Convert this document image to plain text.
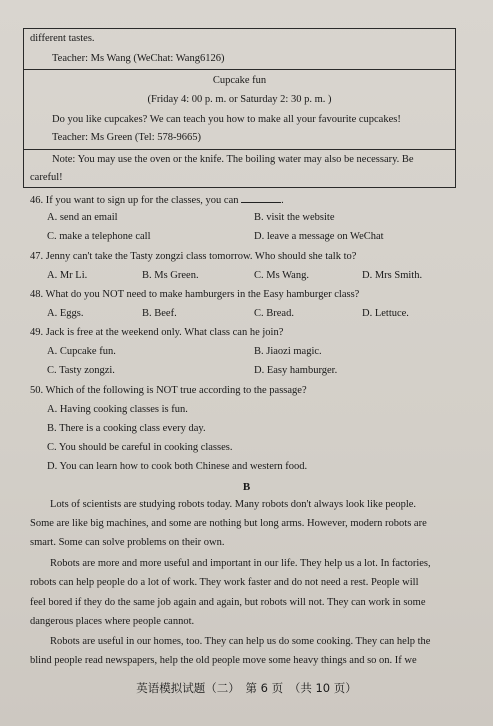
different tastes.
Teacher: Ms Wang (WeChat: Wang6126)
Cupcake fun
(Friday 4: 00 p. m. or Saturday 2: 30 p. m. )
Do you like cupcakes? We can teach you how to make all your favourite cupcakes!
Teacher: Ms Green (Tel: 578-9665)
Note: You may use the oven or the knife. The boiling water may also be necessary. Be
careful!
46. If you want to sign up for the classes, you can	.
A. send an email	B. visit the website
C. make a telephone call	D. leave a message on WeChat
47. Jenny can't take the Tasty zongzi class tomorrow. Who should she talk to?
A. Mr Li.	B. Ms Green.	C. Ms Wang.	D. Mrs Smith.
48. What do you NOT need to make hamburgers in the Easy hamburger class?
A. Eggs.	B. Beef.	C. Bread.	D. Lettuce.
49. Jack is free at the weekend only. What class can he join?
A. Cupcake fun.	B. Jiaozi magic.
C. Tasty zongzi.	D. Easy hamburger.
50. Which of the following is NOT true according to the passage?
A. Having cooking classes is fun.
B. There is a cooking class every day.
C. You should be careful in cooking classes.
D. You can learn how to cook both Chinese and western food.
B
Lots of scientists are studying robots today. Many robots don't always look like people.
Some are like big machines, and some are nothing but long arms. However, modern robots are
smart. Some can solve problems on their own.
Robots are more and more useful and important in our life. They help us a lot. In factories,
robots can help people do a lot of work. They work faster and do not need a rest. People will
feel bored if they do the same job again and again, but robots will not. They can work in some
dangerous places where people cannot.
Robots are useful in our homes, too. They can help us do some cooking. They can help the
blind people read newspapers, help the old people move some heavy things and so on. If we
英语模拟试题（二）　第 6 页　（共 10 页）
